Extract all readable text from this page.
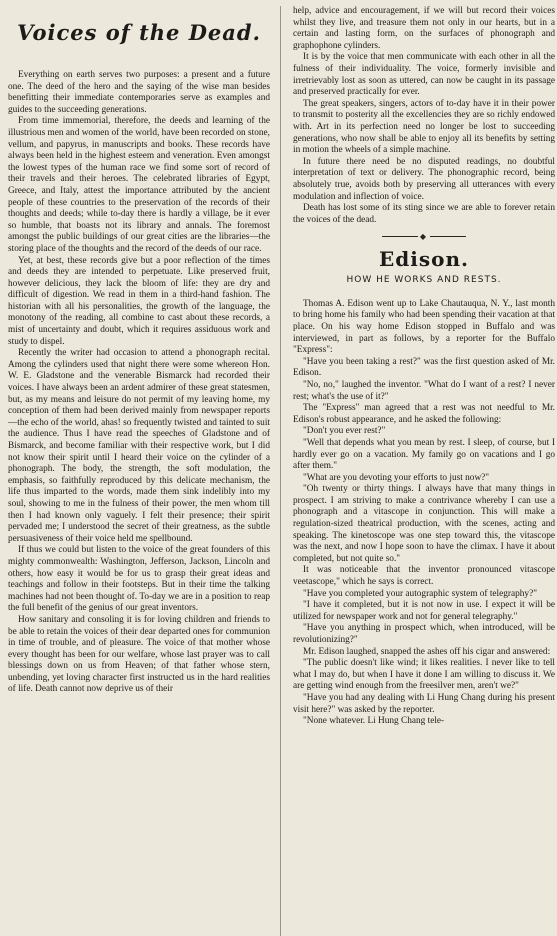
Voices of the Dead.

Everything on earth serves two purposes: a present and a future one. The deed of the hero and the saying of the wise man besides benefitting their immediate contemporaries serve as examples and guides to the succeeding generations.

From time immemorial, therefore, the deeds and learning of the illustrious men and women of the world, have been recorded on stone, vellum, and papyrus, in manuscripts and books. These records have always been held in the highest esteem and veneration. Even amongst the lowest types of the human race we find some sort of record of their travels and their heroes. The celebrated libraries of Egypt, Greece, and Italy, attest the importance attributed by the ancient people of these countries to the preservation of the records of their thoughts and deeds; while to-day there is hardly a village, be it ever so humble, that boasts not its library and annals. The foremost amongst the public buildings of our great cities are the libraries—the storing place of the thoughts and the record of the deeds of our race.

Yet, at best, these records give but a poor reflection of the times and deeds they are intended to perpetuate. Like preserved fruit, however delicious, they lack the bloom of life: they are dry and difficult of digestion. We read in them in a third-hand fashion. The historian with all his personalities, the growth of the language, the monotony of the reading, all combine to cast about these records, a mist of uncertainty and doubt, which it requires assiduous work and study to dispel.

Recently the writer had occasion to attend a phonograph recital. Among the cylinders used that night there were some whereon Hon. W. E. Gladstone and the venerable Bismarck had recorded their voices. I have always been an ardent admirer of these great statesmen, but, as my means and leisure do not permit of my leaving home, my conception of them had been derived mainly from newspaper reports—the echo of the world, ahas! so frequently twisted and tainted to suit the audience. Thus I have read the speeches of Gladstone and of Bismarck, and become familiar with their respective work, but I did not know their spirit until I heard their voice on the cylinder of a phonograph. The body, the strength, the soft modulation, the emphasis, so faithfully reproduced by this delicate mechanism, the life thus imparted to the words, made them sink indelibly into my soul, showing to me in the fulness of their power, the men whom till then I had known only vaguely. I felt their presence; their spirit pervaded me; I understood the secret of their greatness, as the subtle persuasiveness of their voice held me spellbound.

If thus we could but listen to the voice of the great founders of this mighty commonwealth: Washington, Jefferson, Jackson, Lincoln and others, how easy it would be for us to grasp their great ideas and teachings and follow in their footsteps. But in their time the talking machines had not been thought of. To-day we are in a position to reap the full benefit of the genius of our great inventors.

How sanitary and consoling it is for loving children and friends to be able to retain the voices of their dear departed ones for communion in time of trouble, and of pleasure. The voice of that mother whose every thought has been for our welfare, whose last prayer was to call blessings down on us from Heaven; of that father whose stern, unbending, yet loving character first instructed us in the hard realities of life. Death cannot now deprive us of their

help, advice and encouragement, if we will but record their voices whilst they live, and treasure them not only in our hearts, but in a certain and lasting form, on the surfaces of phonograph and graphophone cylinders.

It is by the voice that men communicate with each other in all the fulness of their individuality. The voice, formerly invisible and irretrievably lost as soon as uttered, can now be caught in its passage and preserved practically for ever.

The great speakers, singers, actors of to-day have it in their power to transmit to posterity all the excellencies they are so richly endowed with. Art in its perfection need no longer be lost to succeeding generations, who now shall be able to enjoy all its benefits by setting in motion the wheels of a simple machine.

In future there need be no disputed readings, no doubtful interpretation of text or delivery. The phonographic record, being absolutely true, avoids both by preserving all utterances with every modulation and inflection of voice.

Death has lost some of its sting since we are able to forever retain the voices of the dead.

◆
Edison.
HOW HE WORKS AND RESTS.

Thomas A. Edison went up to Lake Chautauqua, N. Y., last month to bring home his family who had been spending their vacation at that place. On his way home Edison stopped in Buffalo and was interviewed, in part as follows, by a reporter for the Buffalo "Express":

"Have you been taking a rest?" was the first question asked of Mr. Edison.

"No, no," laughed the inventor. "What do I want of a rest? I never rest; what's the use of it?"

The "Express" man agreed that a rest was not needful to Mr. Edison's robust appearance, and he asked the following:

"Don't you ever rest?"

"Well that depends what you mean by rest. I sleep, of course, but I hardly ever go on a vacation. My family go on vacations and I go after them."

"What are you devoting your efforts to just now?"

"Oh twenty or thirty things. I always have that many things in prospect. I am striving to make a contrivance whereby I can use a phonograph and a vitascope in conjunction. This will make a regulation-sized theatrical production, with the scenes, acting and speaking. The kinetoscope was one step toward this, the vitascope was the next, and now I hope soon to have the climax. I have it about completed, but not quite so."

It was noticeable that the inventor pronounced vitascope veetascope," which he says is correct.

"Have you completed your autographic system of telegraphy?"

"I have it completed, but it is not now in use. I expect it will be utilized for newspaper work and not for general telegraphy."

"Have you anything in prospect which, when introduced, will be revolutionizing?"

Mr. Edison laughed, snapped the ashes off his cigar and answered:

"The public doesn't like wind; it likes realities. I never like to tell what I may do, but when I have it done I am willing to discuss it. We are getting wind enough from the freesilver men, aren't we?"

"Have you had any dealing with Li Hung Chang during his present visit here?" was asked by the reporter.

"None whatever. Li Hung Chang tele-
